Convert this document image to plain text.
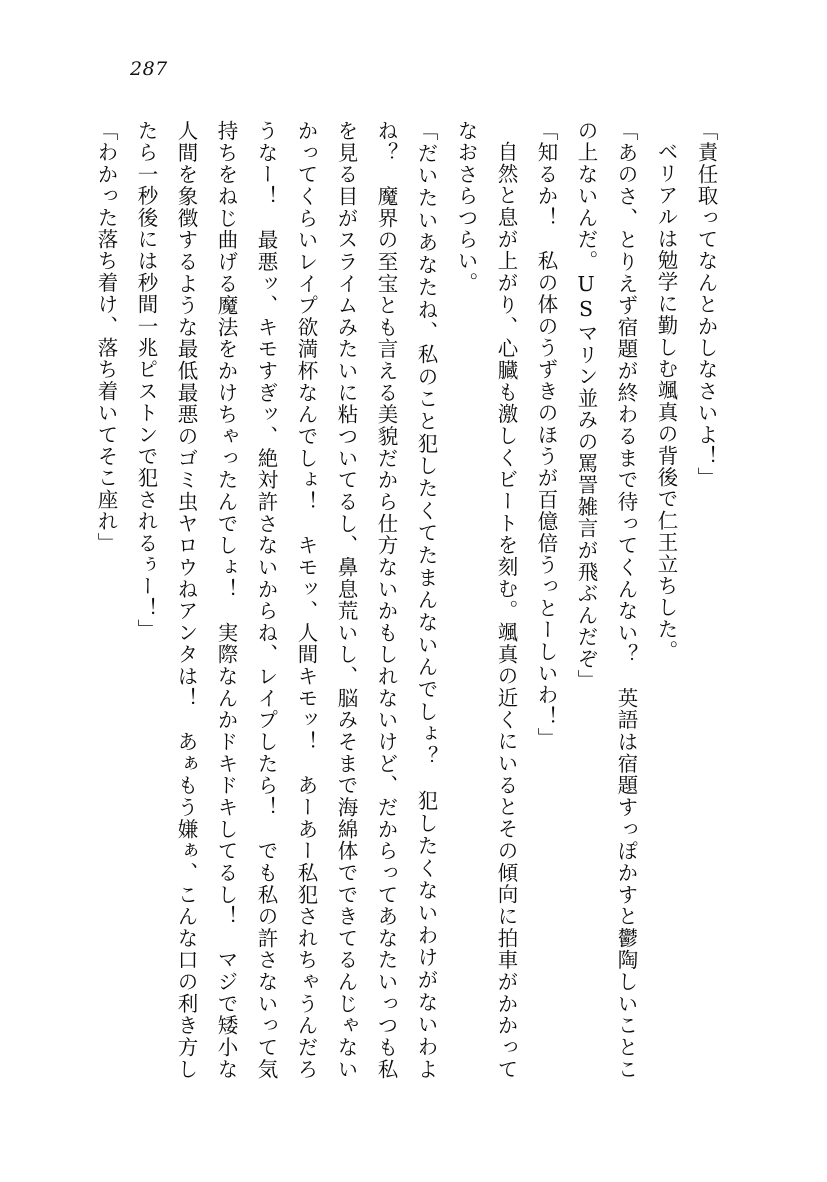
287

「責任取ってなんとかしなさいよ！」

ベリアルは勉学に勤しむ颯真の背後で仁王立ちした。

「あのさ、とりえず宿題が終わるまで待ってくんない？　英語は宿題すっぽかすと鬱陶しいことこの上ないんだ。USマリン並みの罵詈雑言が飛ぶんだぞ」

「知るか！　私の体のうずきのほうが百億倍うっとーしいわ！」

自然と息が上がり、心臓も激しくビートを刻む。颯真の近くにいるとその傾向に拍車がかかってなおさらつらい。

「だいたいあなたね、私のこと犯したくてたまんないんでしょ？　犯したくないわけがないわよね？　魔界の至宝とも言える美貌だから仕方ないかもしれないけど、だからってあなたいっつも私を見る目がスライムみたいに粘ついてるし、鼻息荒いし、脳みそまで海綿体でできてるんじゃないかってくらいレイプ欲満杯なんでしょ！　キモッ、人間キモッ！　あーあー私犯されちゃうんだろうなー！　最悪ッ、キモすぎッ、絶対許さないからね、レイプしたら！　でも私の許さないって気持ちをねじ曲げる魔法をかけちゃったんでしょ！　実際なんかドキドキしてるし！　マジで矮小な人間を象徴するような最低最悪のゴミ虫ヤロウねアンタは！　あぁもう嫌ぁ、こんな口の利き方したら一秒後には秒間一兆ピストンで犯されるぅー！」

「わかった落ち着け、落ち着いてそこ座れ」
